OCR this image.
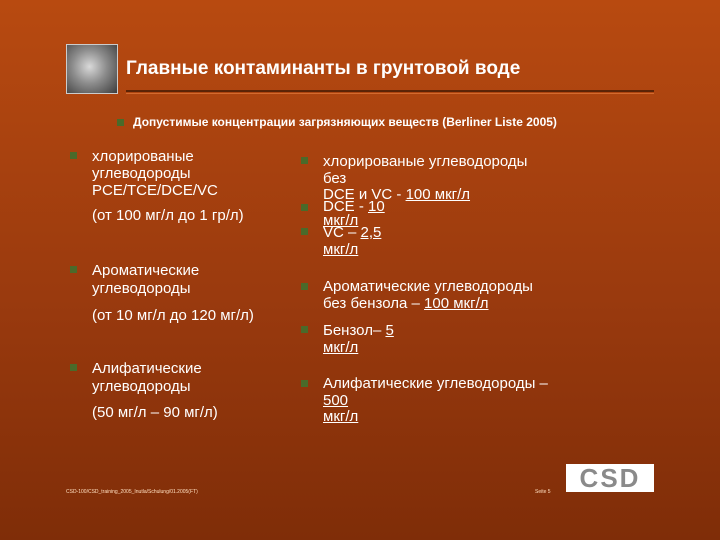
Главные контаминанты в грунтовой воде
Допустимые концентрации загрязняющих веществ (Berliner Liste 2005)
хлорированые
углеводороды
PCE/TCE/DCE/VC
(от 100 мг/л до 1 гр/л)
Ароматические
углеводороды
(от 10 мг/л до 120 мг/л)
Алифатические
углеводороды
(50 мг/л – 90 мг/л)
хлорированые углеводороды
без
DCE и VC - 100 мкг/л
DCE - 10
мкг/л
VC – 2,5
мкг/л
Ароматические углеводороды
без бензола – 100 мкг/л
Бензол– 5
мкг/л
Алифатические углеводороды –
500
мкг/л
CSD
CSD-100/CSD_training_2005_Inutla/Schulung/01.2005(FT)	Seite 5
